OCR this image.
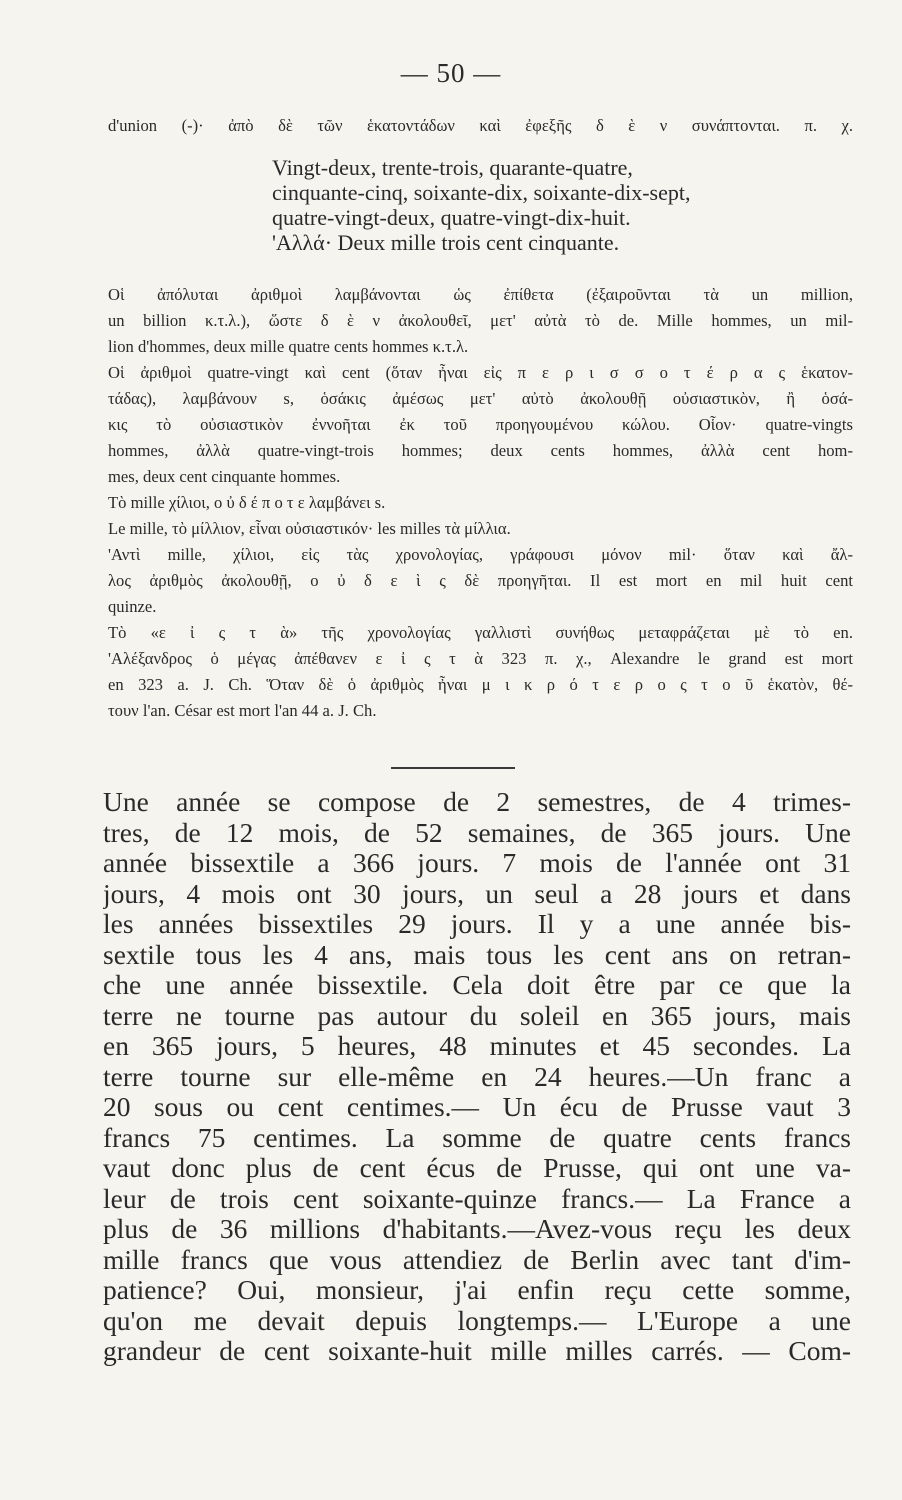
— 50 —
d'union (-)· ἀπὸ δὲ τῶν ἑκατοντάδων καὶ ἐφεξῆς δ ὲ ν συνάπτονται. π. χ.
Vingt-deux, trente-trois, quarante-quatre,
cinquante-cinq, soixante-dix, soixante-dix-sept,
quatre-vingt-deux, quatre-vingt-dix-huit.
'Αλλά· Deux mille trois cent cinquante.
Οἱ ἀπόλυται ἀριθμοὶ λαμβάνονται ὡς ἐπίθετα (ἐξαιροῦνται τὰ un million,
un billion κ.τ.λ.), ὥστε δ ὲ ν ἀκολουθεῖ, μετ' αὐτὰ τὸ de. Mille hommes, un mil-
lion d'hommes, deux mille quatre cents hommes κ.τ.λ.
Οἱ ἀριθμοὶ quatre-vingt καὶ cent (ὅταν ἦναι εἰς π ε ρ ι σ σ ο τ έ ρ α ς ἑκατον-
τάδας), λαμβάνουν s, ὁσάκις ἀμέσως μετ' αὐτὸ ἀκολουθῇ οὐσιαστικὸν, ἢ ὁσά-
κις τὸ οὐσιαστικὸν ἐννοῆται ἐκ τοῦ προηγουμένου κώλου. Οἷον· quatre-vingts
hommes, ἀλλὰ quatre-vingt-trois hommes; deux cents hommes, ἀλλὰ cent hom-
mes, deux cent cinquante hommes.
Τὸ mille χίλιοι, ο ὐ δ έ π ο τ ε λαμβάνει s.
Le mille, τὸ μίλλιον, εἶναι οὐσιαστικόν· les milles τὰ μίλλια.
'Αντὶ mille, χίλιοι, εἰς τὰς χρονολογίας, γράφουσι μόνον mil· ὅταν καὶ ἄλ-
λος ἀριθμὸς ἀκολουθῇ, ο ὐ δ ε ὶ ς δὲ προηγῆται. Il est mort en mil huit cent
quinze.
Τὸ «ε ἰ ς τ ὰ» τῆς χρονολογίας γαλλιστὶ συνήθως μεταφράζεται μὲ τὸ en.
'Αλέξανδρος ὁ μέγας ἀπέθανεν ε ἰ ς τ ὰ 323 π. χ., Alexandre le grand est mort
en 323 a. J. Ch. Ὅταν δὲ ὁ ἀριθμὸς ἦναι μ ι κ ρ ό τ ε ρ ο ς τ ο ῦ ἑκατὸν, θέ-
τουν l'an. César est mort l'an 44 a. J. Ch.
Une année se compose de 2 semestres, de 4 trimes-
tres, de 12 mois, de 52 semaines, de 365 jours. Une
année bissextile a 366 jours. 7 mois de l'année ont 31
jours, 4 mois ont 30 jours, un seul a 28 jours et dans
les années bissextiles 29 jours. Il y a une année bis-
sextile tous les 4 ans, mais tous les cent ans on retran-
che une année bissextile. Cela doit être par ce que la
terre ne tourne pas autour du soleil en 365 jours, mais
en 365 jours, 5 heures, 48 minutes et 45 secondes. La
terre tourne sur elle-même en 24 heures.—Un franc a
20 sous ou cent centimes.— Un écu de Prusse vaut 3
francs 75 centimes. La somme de quatre cents francs
vaut donc plus de cent écus de Prusse, qui ont une va-
leur de trois cent soixante-quinze francs.— La France a
plus de 36 millions d'habitants.—Avez-vous reçu les deux
mille francs que vous attendiez de Berlin avec tant d'im-
patience? Oui, monsieur, j'ai enfin reçu cette somme,
qu'on me devait depuis longtemps.— L'Europe a une
grandeur de cent soixante-huit mille milles carrés. — Com-
